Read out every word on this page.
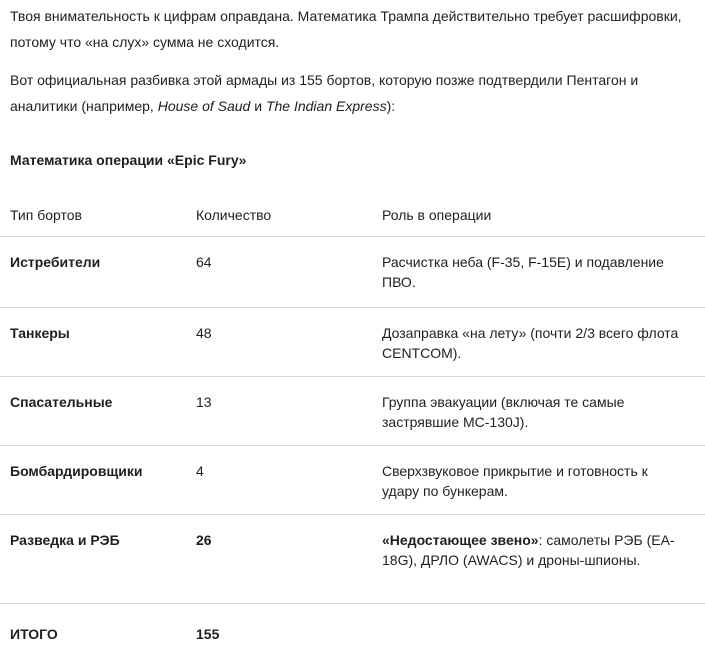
Твоя внимательность к цифрам оправдана. Математика Трампа действительно требует расшифровки, потому что «на слух» сумма не сходится.

Вот официальная разбивка этой армады из 155 бортов, которую позже подтвердили Пентагон и аналитики (например, House of Saud и The Indian Express):

Математика операции «Epic Fury»
Тип бортов	Количество	Роль в операции
Истребители	64	Расчистка неба (F-35, F-15E) и подавление ПВО.
Танкеры	48	Дозаправка «на лету» (почти 2/3 всего флота CENTCOM).
Спасательные	13	Группа эвакуации (включая те самые застрявшие MC-130J).
Бомбардировщики	4	Сверхзвуковое прикрытие и готовность к удару по бункерам.
Разведка и РЭБ	26	«Недостающее звено»: самолеты РЭБ (EA-18G), ДРЛО (AWACS) и дроны-шпионы.
ИТОГО	155
